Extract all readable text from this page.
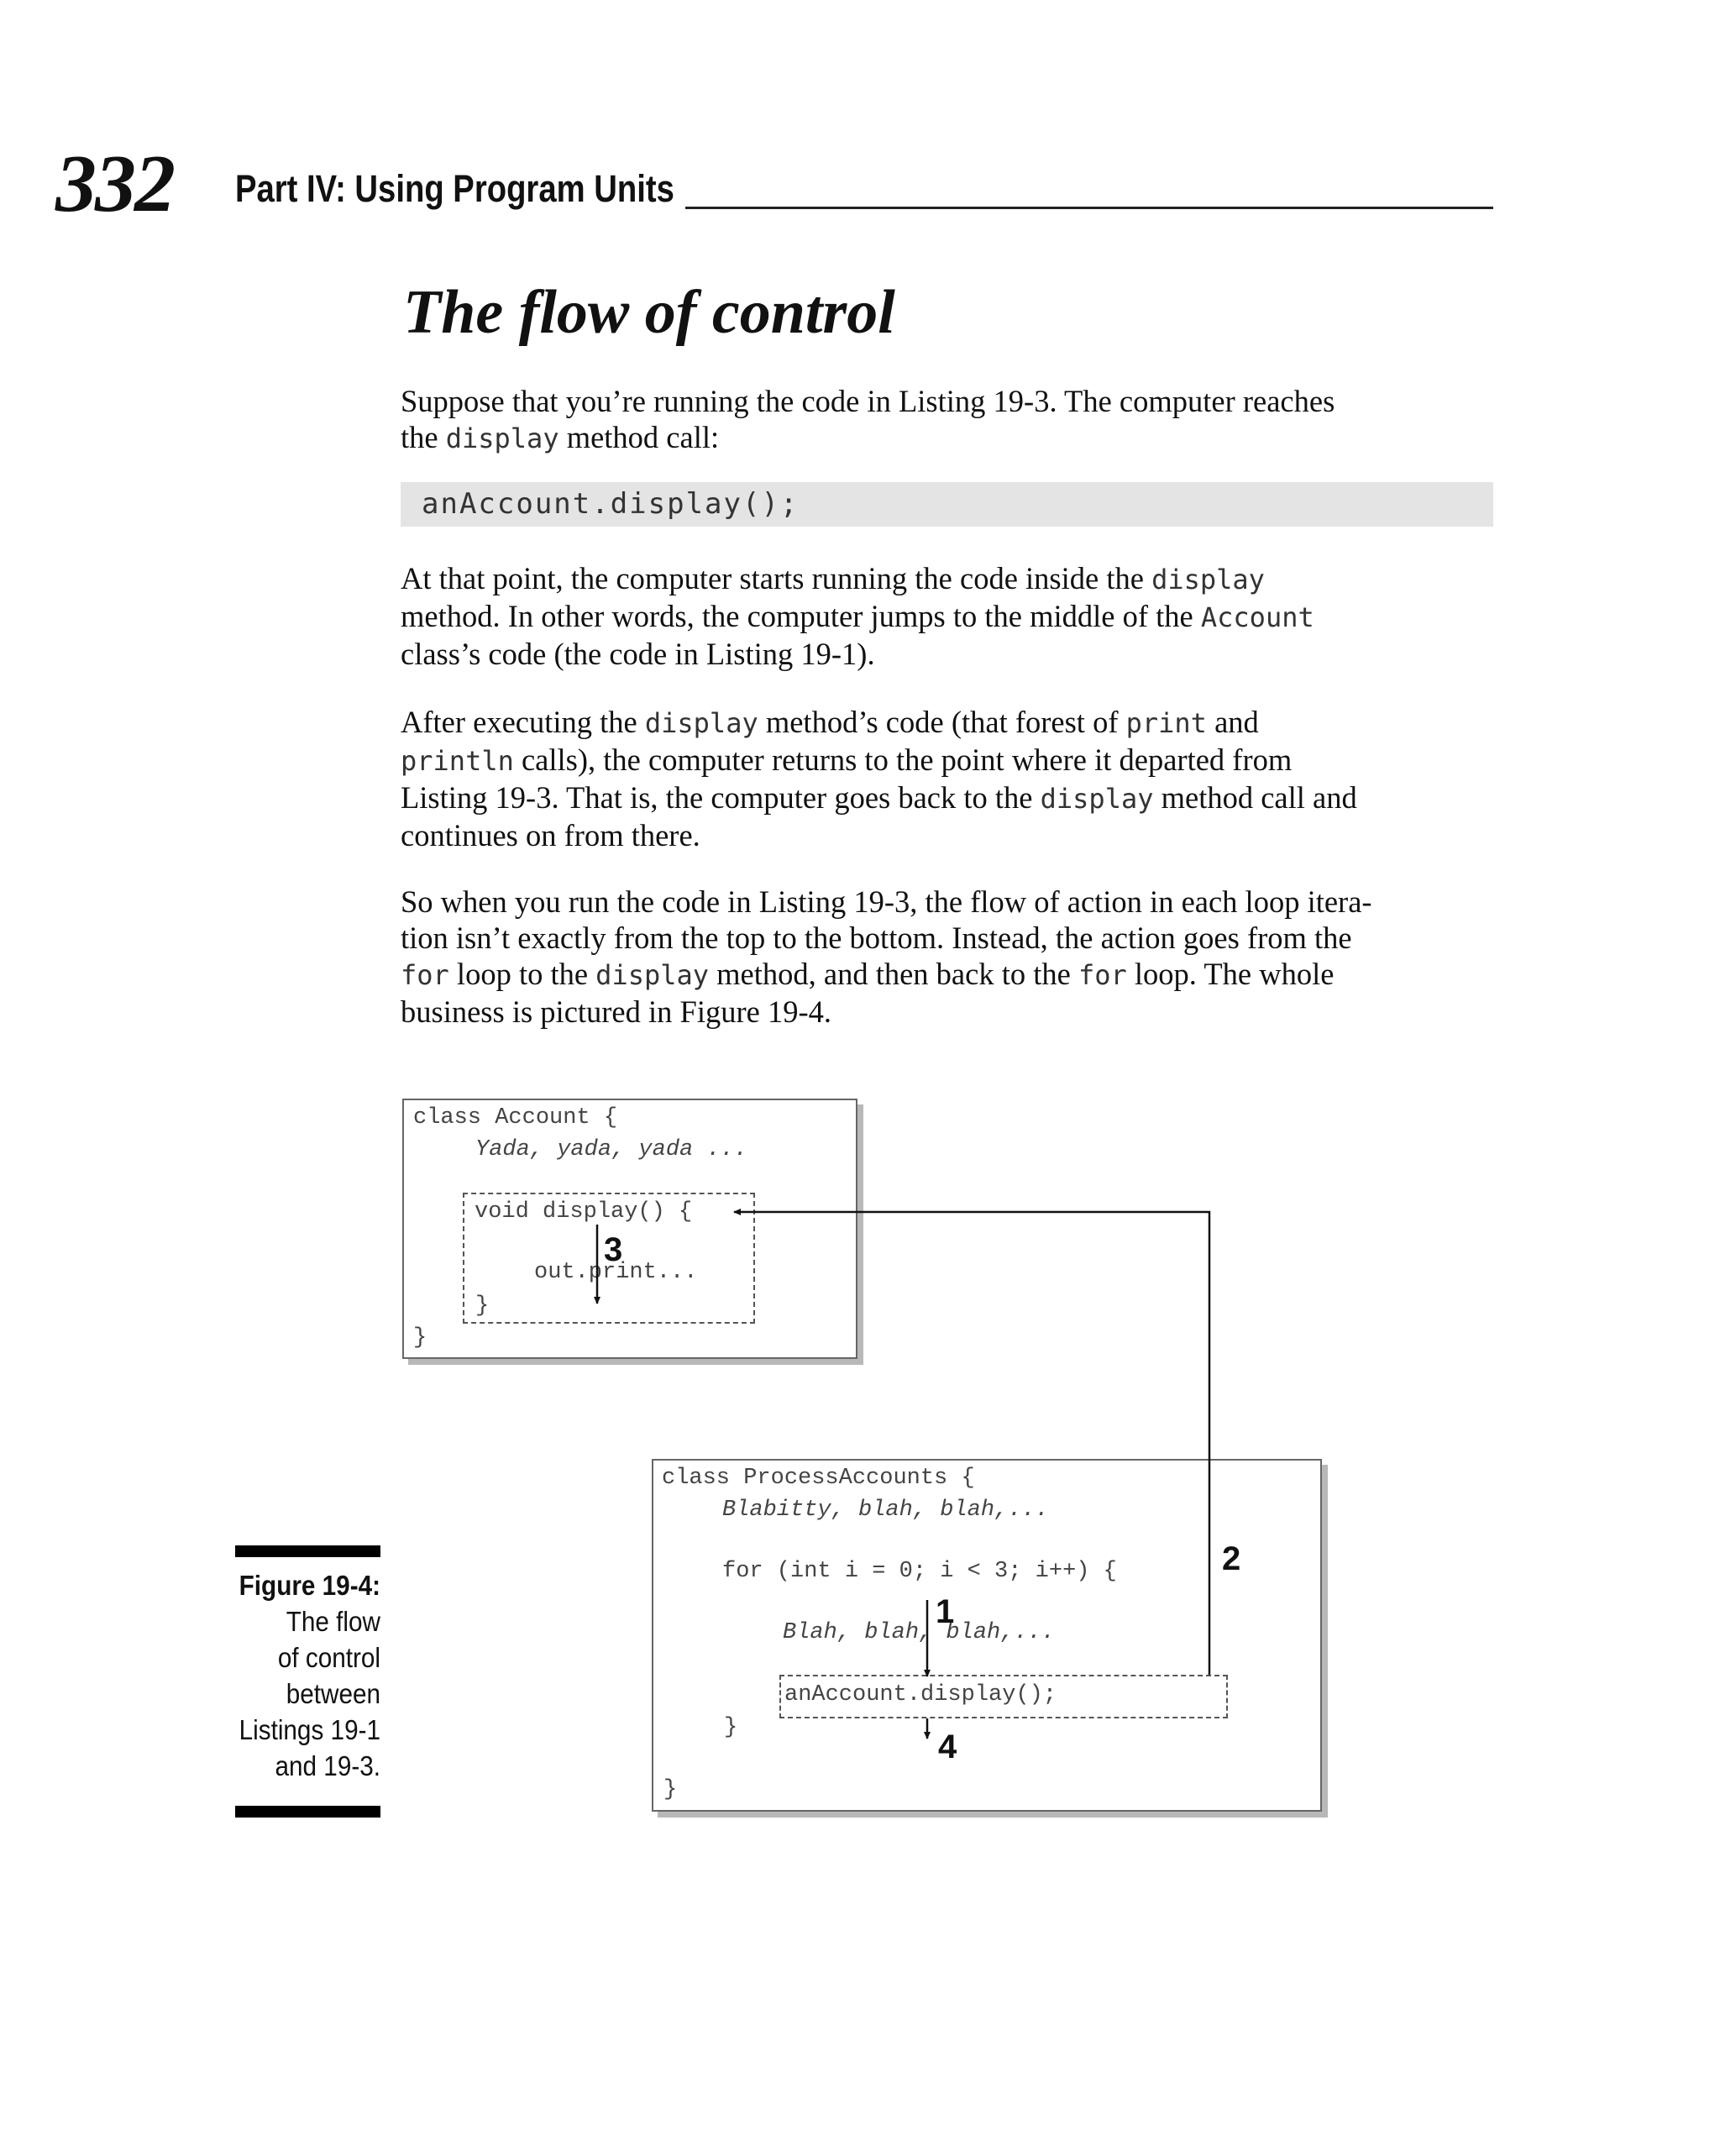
332 Part IV: Using Program Units
The flow of control
Suppose that you’re running the code in Listing 19-3. The computer reaches
the display method call:
anAccount.display();
At that point, the computer starts running the code inside the display
method. In other words, the computer jumps to the middle of the Account
class’s code (the code in Listing 19-1).
After executing the display method’s code (that forest of print and
println calls), the computer returns to the point where it departed from
Listing 19-3. That is, the computer goes back to the display method call and
continues on from there.
So when you run the code in Listing 19-3, the flow of action in each loop itera-
tion isn’t exactly from the top to the bottom. Instead, the action goes from the
for loop to the display method, and then back to the for loop. The whole
business is pictured in Figure 19-4.
class Account {
Yada, yada, yada ...
void display() {
out.print...
}
}
class ProcessAccounts {
Blabitty, blah, blah,...
for (int i = 0; i < 3; i++) {
Blah, blah, blah,...
anAccount.display();
}
}
1
2
3
4
Figure 19-4:
The flow
of control
between
Listings 19-1
and 19-3.
